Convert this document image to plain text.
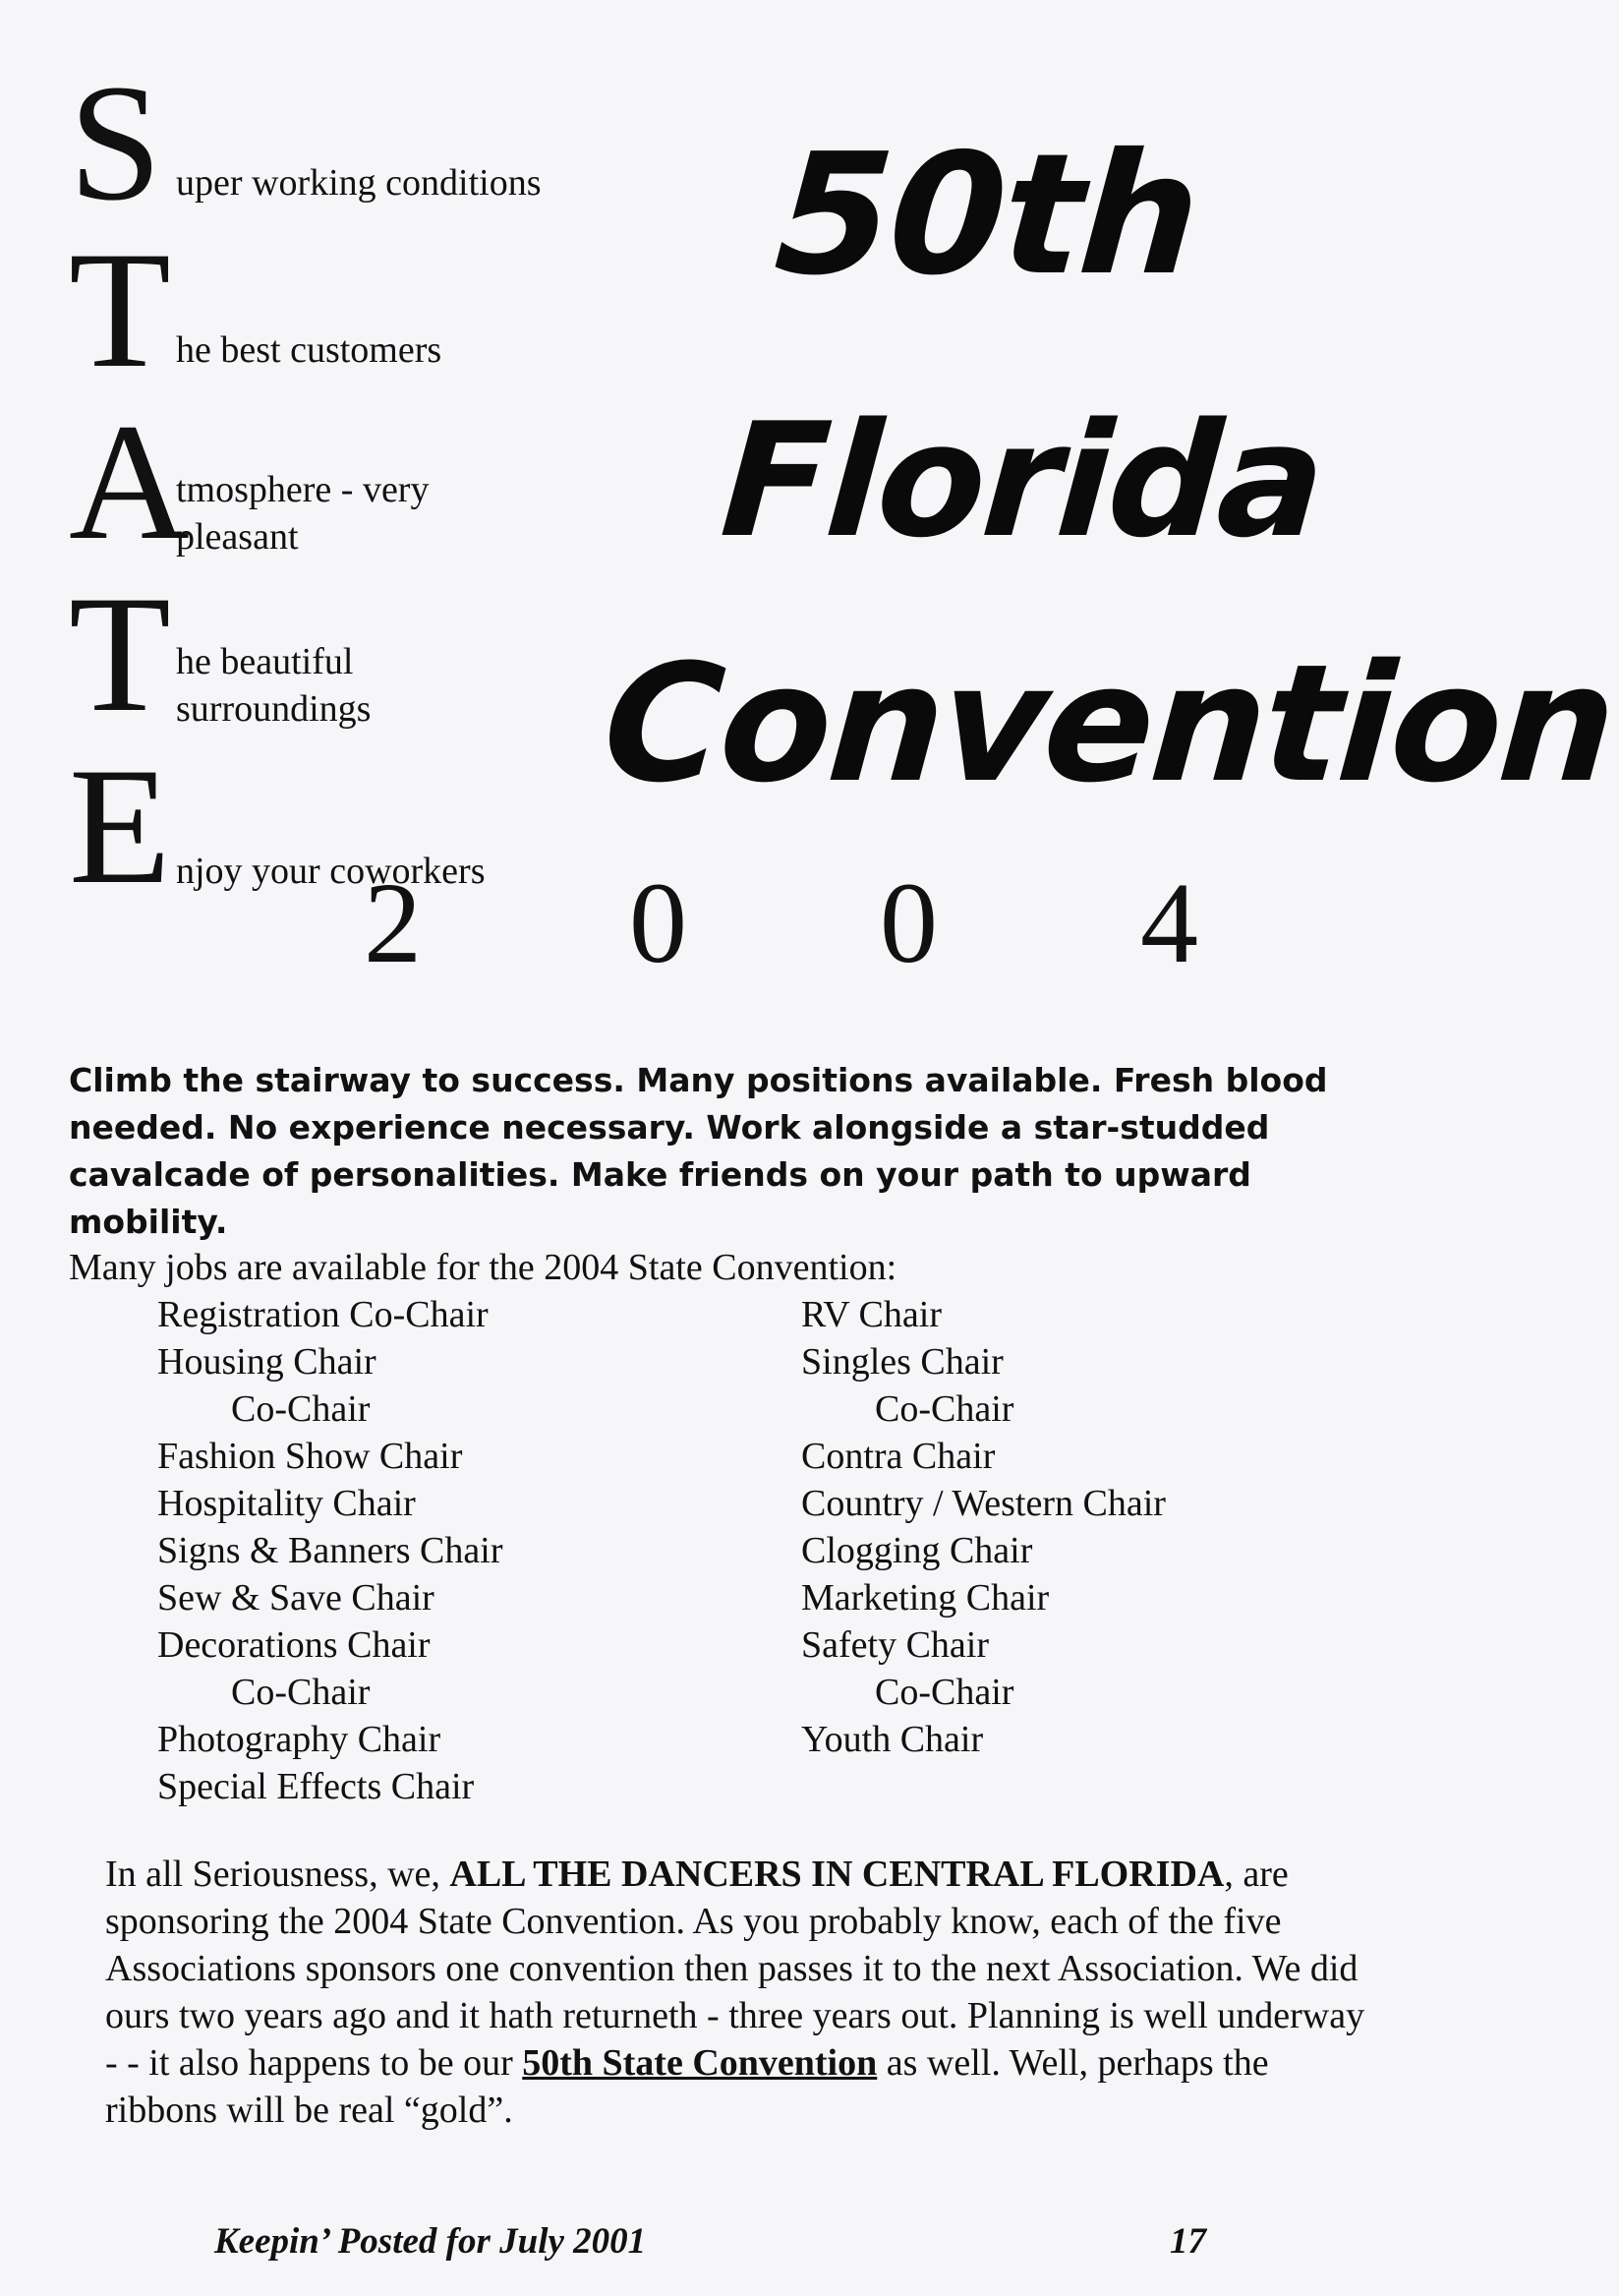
S uper working conditions
T he best customers
A
tmosphere - very pleasant
T he beautiful surroundings
E njoy your coworkers
50th
Florida
Convention
2 0 0 4
Climb the stairway to success. Many positions available. Fresh blood needed. No experience necessary. Work alongside a star-studded cavalcade of personalities. Make friends on your path to upward mobility.
Many jobs are available for the 2004 State Convention:
Registration Co-Chair
Housing Chair
Co-Chair
Fashion Show Chair
Hospitality Chair
Signs & Banners Chair
Sew & Save Chair
Decorations Chair
Co-Chair
Photography Chair
Special Effects Chair
RV Chair
Singles Chair
Co-Chair
Contra Chair
Country / Western Chair
Clogging Chair
Marketing Chair
Safety Chair
Co-Chair
Youth Chair
In all Seriousness, we, ALL THE DANCERS IN CENTRAL FLORIDA, are sponsoring the 2004 State Convention. As you probably know, each of the five Associations sponsors one convention then passes it to the next Association. We did ours two years ago and it hath returneth - three years out. Planning is well underway - - it also happens to be our 50th State Convention as well. Well, perhaps the ribbons will be real “gold”.
Keepin’ Posted for July 2001	17
